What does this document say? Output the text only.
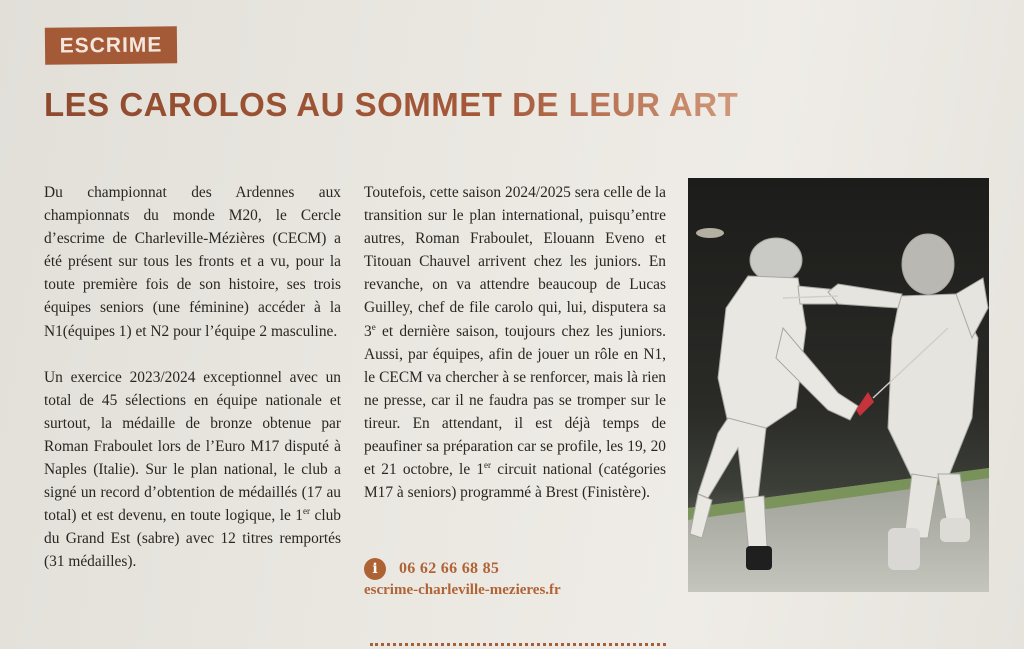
ESCRIME
LES CAROLOS AU SOMMET DE LEUR ART

Du championnat des Ardennes aux championnats du monde M20, le Cercle d’escrime de Charleville-Mézières (CECM) a été présent sur tous les fronts et a vu, pour la toute première fois de son histoire, ses trois équipes seniors (une féminine) accéder à la N1(équipes 1) et N2 pour l’équipe 2 masculine.

Un exercice 2023/2024 exceptionnel avec un total de 45 sélections en équipe nationale et surtout, la médaille de bronze obtenue par Roman Fraboulet lors de l’Euro M17 disputé à Naples (Italie). Sur le plan national, le club a signé un record d’obtention de médaillés (17 au total) et est devenu, en toute logique, le 1er club du Grand Est (sabre) avec 12 titres remportés (31 médailles).

Toutefois, cette saison 2024/2025 sera celle de la transition sur le plan international, puisqu’entre autres, Roman Fraboulet, Elouann Eveno et Titouan Chauvel arrivent chez les juniors. En revanche, on va attendre beaucoup de Lucas Guilley, chef de file carolo qui, lui, disputera sa 3e et dernière saison, toujours chez les juniors. Aussi, par équipes, afin de jouer un rôle en N1, le CECM va chercher à se renforcer, mais là rien ne presse, car il ne faudra pas se tromper sur le tireur. En attendant, il est déjà temps de peaufiner sa préparation car se profile, les 19, 20 et 21 octobre, le 1er circuit national (catégories M17 à seniors) programmé à Brest (Finistère).

i	06 62 66 68 85
escrime-charleville-mezieres.fr
